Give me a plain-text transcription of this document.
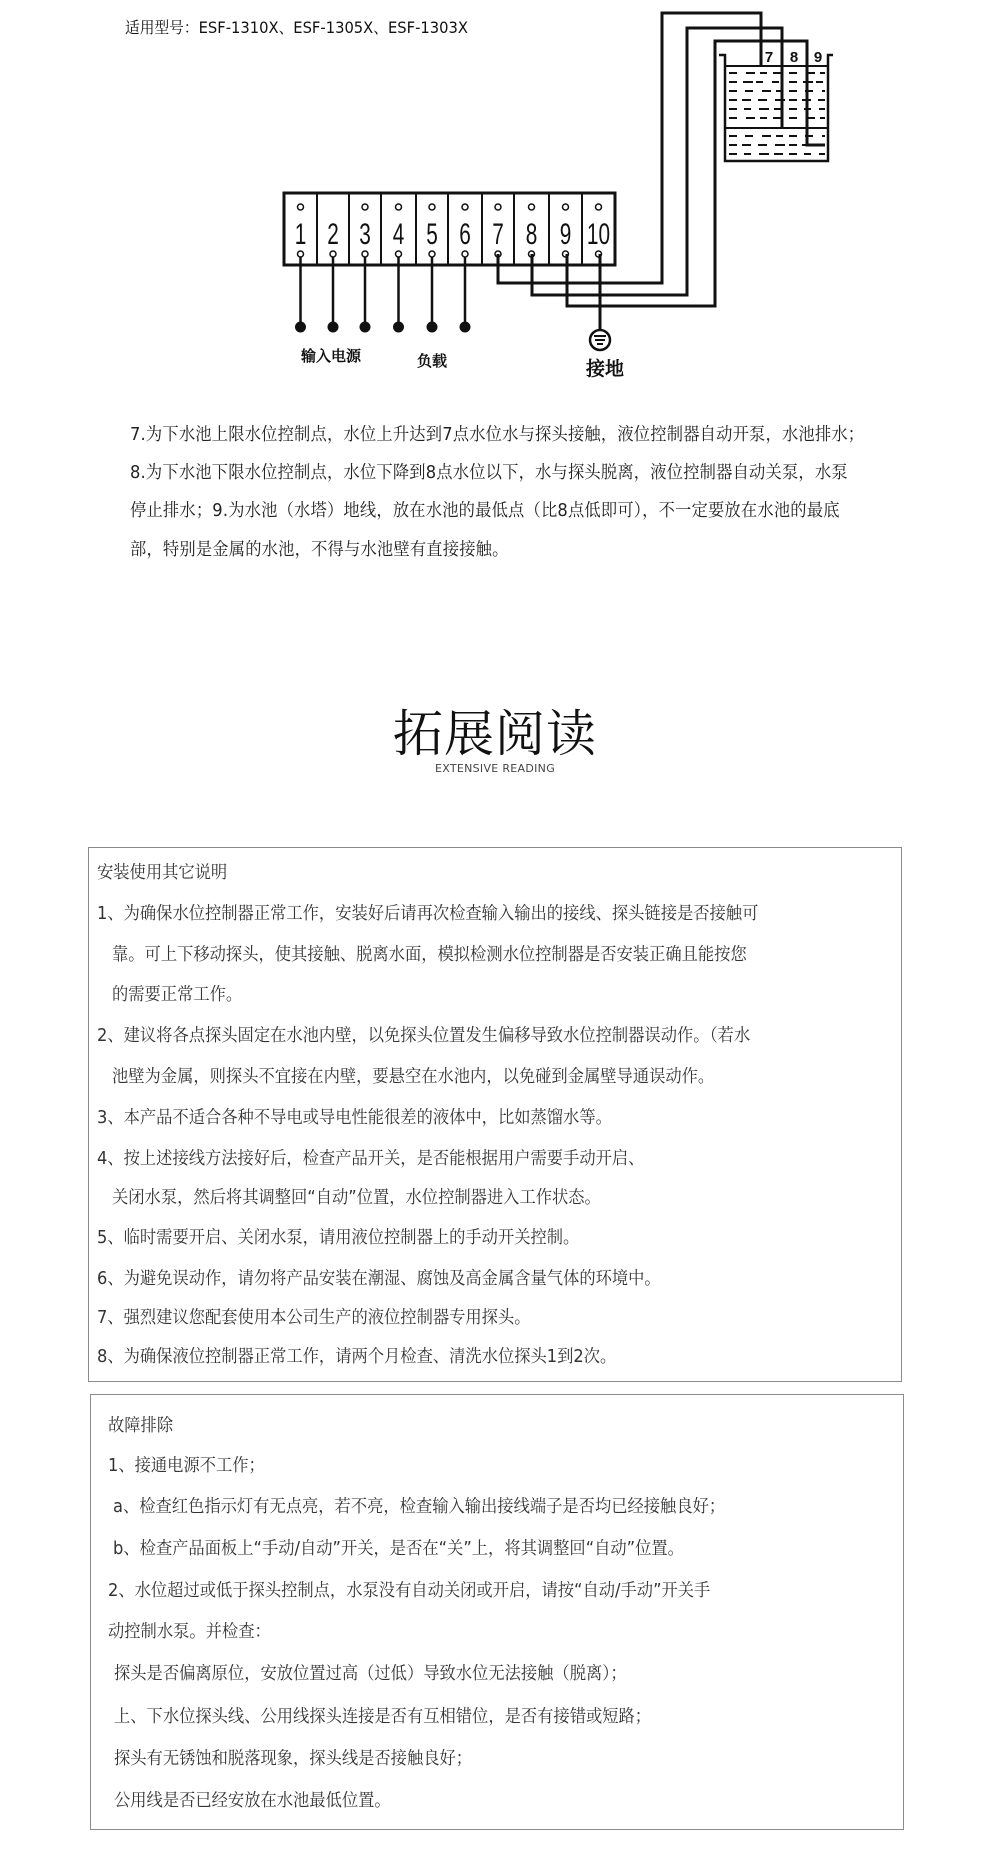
适用型号：ESF-1310X、ESF-1305X、ESF-1303X
7 8 9
1 2 3 4 5 6 7 8 9 10
输入电源	负载	接地
7.为下水池上限水位控制点，水位上升达到7点水位水与探头接触，液位控制器自动开泵，水池排水；
8.为下水池下限水位控制点，水位下降到8点水位以下，水与探头脱离，液位控制器自动关泵，水泵
停止排水；9.为水池（水塔）地线，放在水池的最低点（比8点低即可），不一定要放在水池的最底
部，特别是金属的水池，不得与水池壁有直接接触。
拓展阅读
EXTENSIVE READING
安装使用其它说明
1、为确保水位控制器正常工作，安装好后请再次检查输入输出的接线、探头链接是否接触可
靠。可上下移动探头，使其接触、脱离水面，模拟检测水位控制器是否安装正确且能按您
的需要正常工作。
2、建议将各点探头固定在水池内壁，以免探头位置发生偏移导致水位控制器误动作。（若水
池壁为金属，则探头不宜接在内壁，要悬空在水池内，以免碰到金属壁导通误动作。
3、本产品不适合各种不导电或导电性能很差的液体中，比如蒸馏水等。
4、按上述接线方法接好后，检查产品开关，是否能根据用户需要手动开启、
关闭水泵，然后将其调整回“自动”位置，水位控制器进入工作状态。
5、临时需要开启、关闭水泵，请用液位控制器上的手动开关控制。
6、为避免误动作，请勿将产品安装在潮湿、腐蚀及高金属含量气体的环境中。
7、强烈建议您配套使用本公司生产的液位控制器专用探头。
8、为确保液位控制器正常工作，请两个月检查、清洗水位探头1到2次。
故障排除
1、接通电源不工作；
a、检查红色指示灯有无点亮，若不亮，检查输入输出接线端子是否均已经接触良好；
b、检查产品面板上“手动/自动”开关，是否在“关”上，将其调整回“自动”位置。
2、水位超过或低于探头控制点，水泵没有自动关闭或开启，请按“自动/手动”开关手
动控制水泵。并检查：
探头是否偏离原位，安放位置过高（过低）导致水位无法接触（脱离）；
上、下水位探头线、公用线探头连接是否有互相错位，是否有接错或短路；
探头有无锈蚀和脱落现象，探头线是否接触良好；
公用线是否已经安放在水池最低位置。
